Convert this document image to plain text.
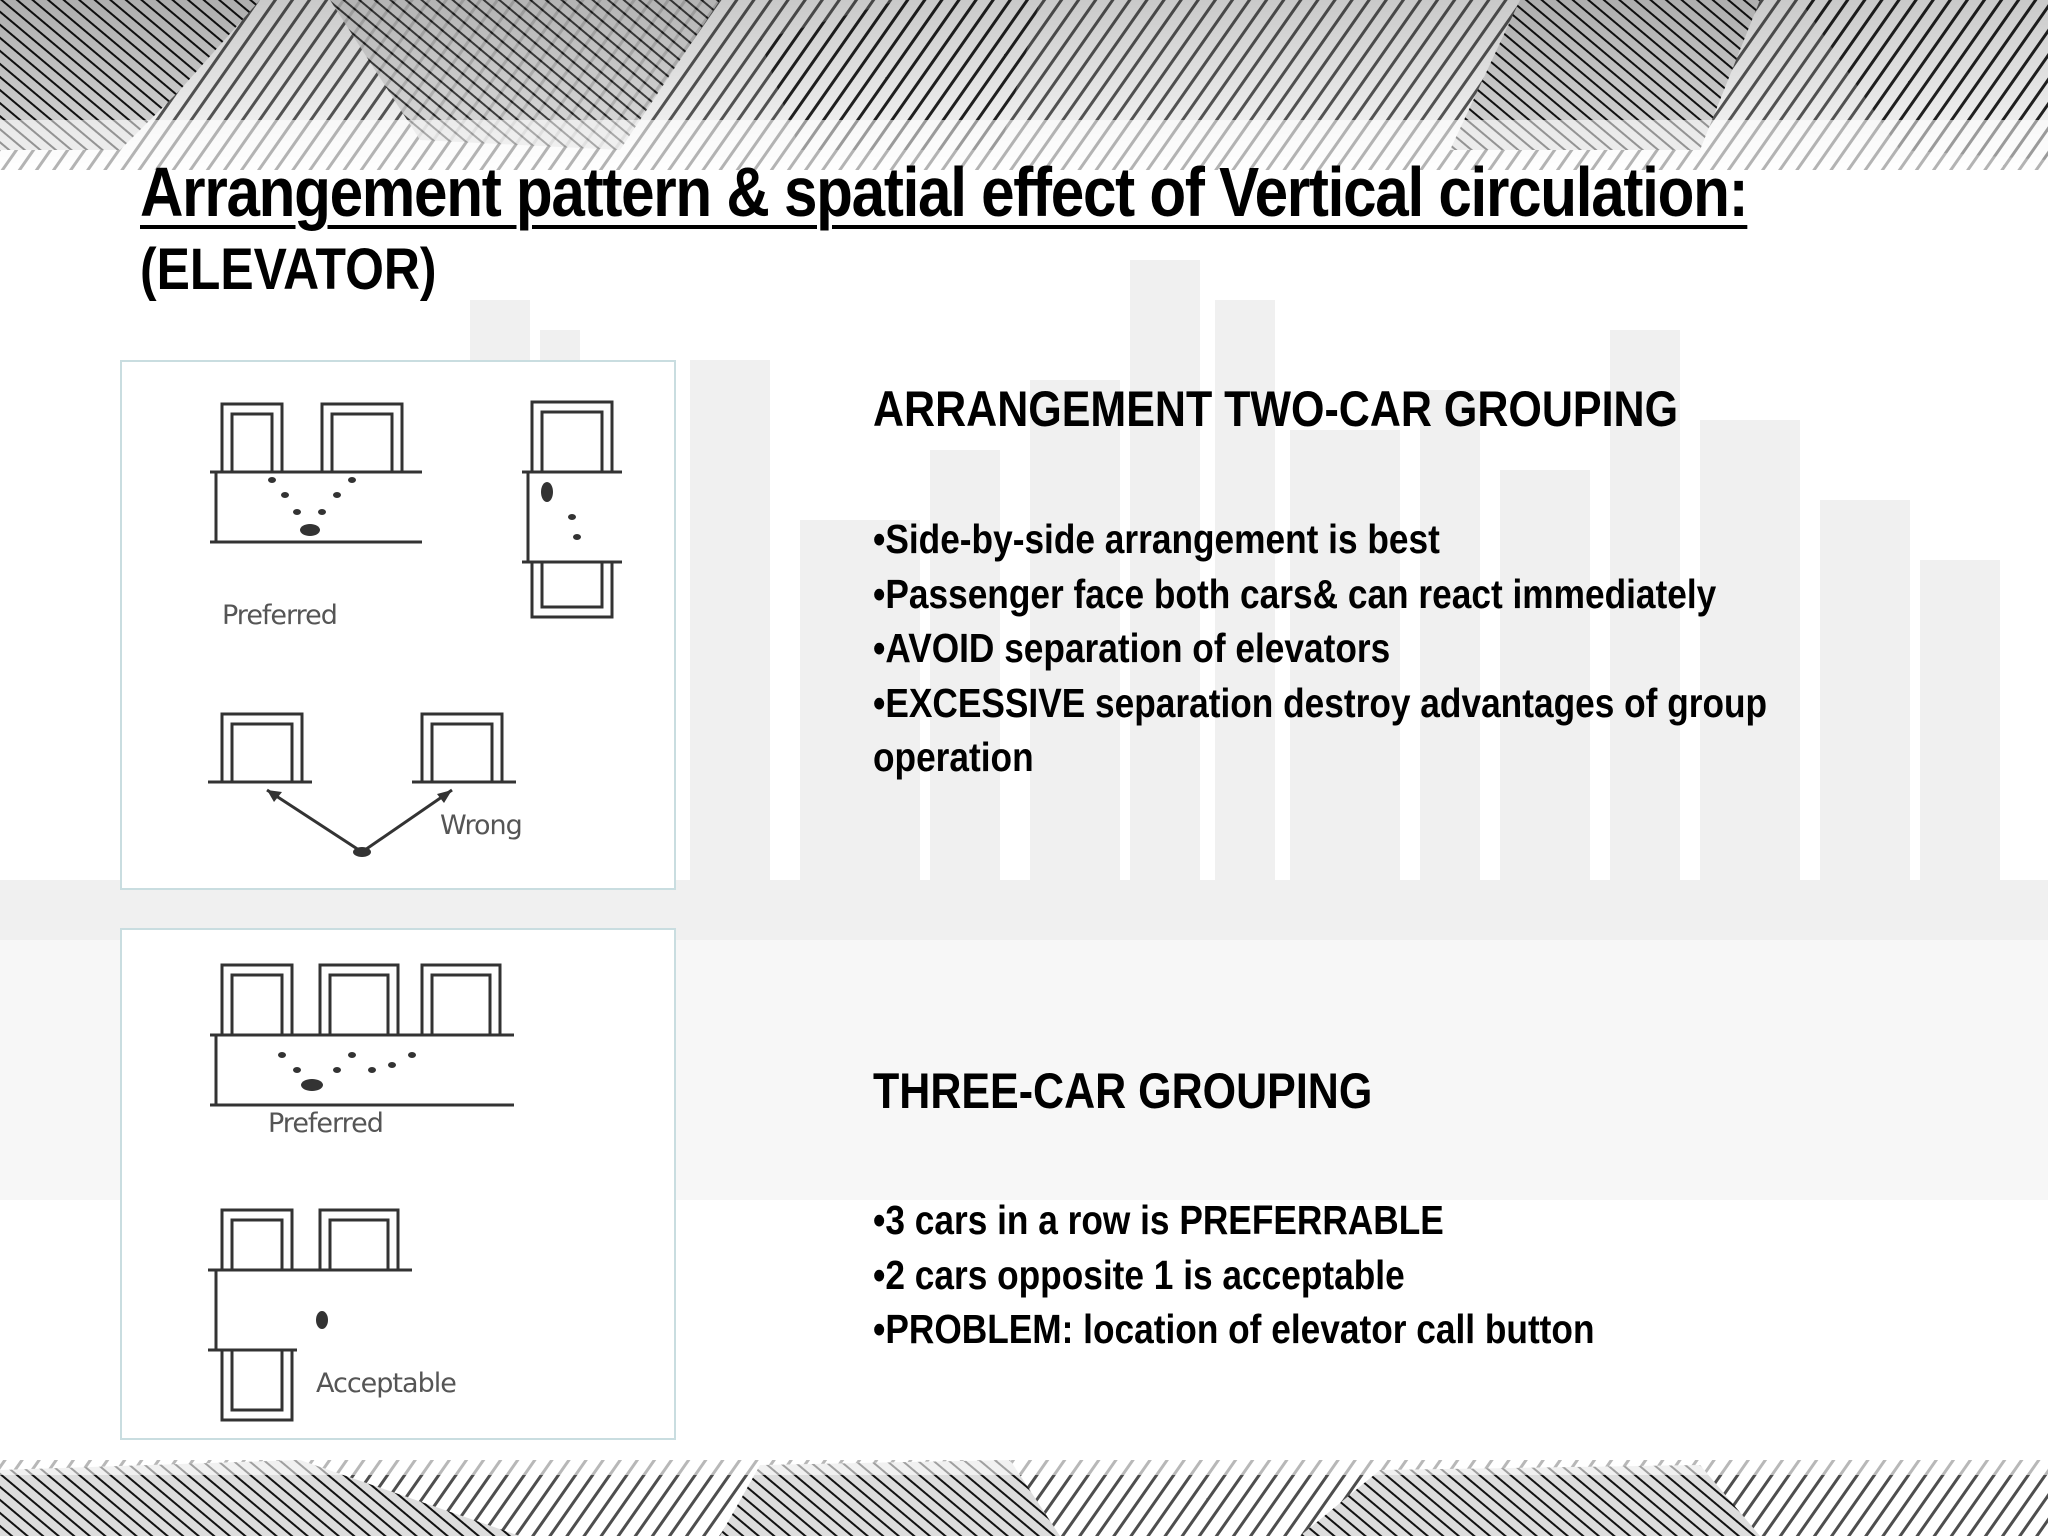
Arrangement pattern & spatial effect of Vertical circulation:
(ELEVATOR)
Preferred
Wrong
Preferred
Acceptable
ARRANGEMENT TWO-CAR GROUPING
•Side-by-side arrangement is best
•Passenger face both cars& can react immediately
•AVOID separation of elevators
•EXCESSIVE separation destroy advantages of group
operation
THREE-CAR GROUPING
•3 cars in a row is PREFERRABLE
•2 cars opposite 1 is acceptable
•PROBLEM: location of elevator call button
